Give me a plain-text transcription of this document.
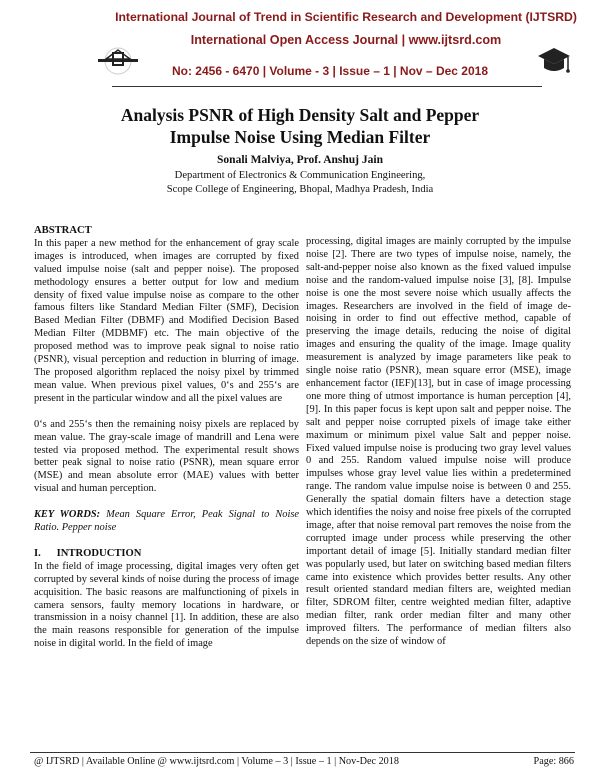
International Journal of Trend in Scientific Research and Development (IJTSRD)
International Open Access Journal | www.ijtsrd.com
No: 2456 - 6470 | Volume - 3 | Issue – 1 | Nov – Dec 2018
Analysis PSNR of High Density Salt and Pepper
Impulse Noise Using Median Filter
Sonali Malviya, Prof. Anshuj Jain
Department of Electronics & Communication Engineering,
Scope College of Engineering, Bhopal, Madhya Pradesh, India

ABSTRACT

In this paper a new method for the enhancement of gray scale images is introduced, when images are corrupted by fixed valued impulse noise (salt and pepper noise). The proposed methodology ensures a better output for low and medium density of fixed value impulse noise as compare to the other famous filters like Standard Median Filter (SMF), Decision Based Median Filter (DBMF) and Modified Decision Based Median Filter (MDBMF) etc. The main objective of the proposed method was to improve peak signal to noise ratio (PSNR), visual perception and reduction in blurring of image. The proposed algorithm replaced the noisy pixel by trimmed mean value. When previous pixel values, 0‘s and 255‘s are present in the particular window and all the pixel values are

0‘s and 255‘s then the remaining noisy pixels are replaced by mean value. The gray-scale image of mandrill and Lena were tested via proposed method. The experimental result shows better peak signal to noise ratio (PSNR), mean square error (MSE) and mean absolute error (MAE) values with better visual and human perception.

KEY WORDS: Mean Square Error, Peak Signal to Noise Ratio. Pepper noise

I.      INTRODUCTION

In the field of image processing, digital images very often get corrupted by several kinds of noise during the process of image acquisition. The basic reasons are malfunctioning of pixels in camera sensors, faulty memory locations in hardware, or transmission in a noisy channel [1]. In addition, these are also the main reasons responsible for generation of the impulse noise in digital world. In the field of image

processing, digital images are mainly corrupted by the impulse noise [2]. There are two types of impulse noise, namely, the salt-and-pepper noise also known as the fixed valued impulse noise and the random-valued impulse noise [3], [8]. Impulse noise is one the most severe noise which usually affects the images. Researchers are involved in the field of image de-noising in order to find out effective method, capable of preserving the image details, reducing the noise of digital images and ensuring the quality of the image. Image quality measurement is analyzed by image parameters like peak to single noise ratio (PSNR), mean square error (MSE), image enhancement factor (IEF)[13], but in case of image processing one more thing of utmost importance is human perception [4], [9]. In this paper focus is kept upon salt and pepper noise. The salt and pepper noise corrupted pixels of image take either maximum or minimum pixel value Salt and pepper noise. Fixed valued impulse noise is producing two gray level values 0 and 255. Random valued impulse noise will produce impulses whose gray level value lies within a predetermined range. The random value impulse noise is between 0 and 255. Generally the spatial domain filters have a detection stage which identifies the noisy and noise free pixels of the corrupted image, after that noise removal part removes the noise from the corrupted image under process while preserving the other important detail of image [5]. Initially standard median filter was popularly used, but later on switching based median filters came into existence which provides better results. Any other result oriented standard median filters are, weighted median filter, SDROM filter, centre weighted median filter, adaptive median filter, rank order median filter and many other improved filters. The performance of median filters also depends on the size of window of

@ IJTSRD | Available Online @ www.ijtsrd.com | Volume – 3 | Issue – 1 | Nov-Dec 2018	Page: 866
